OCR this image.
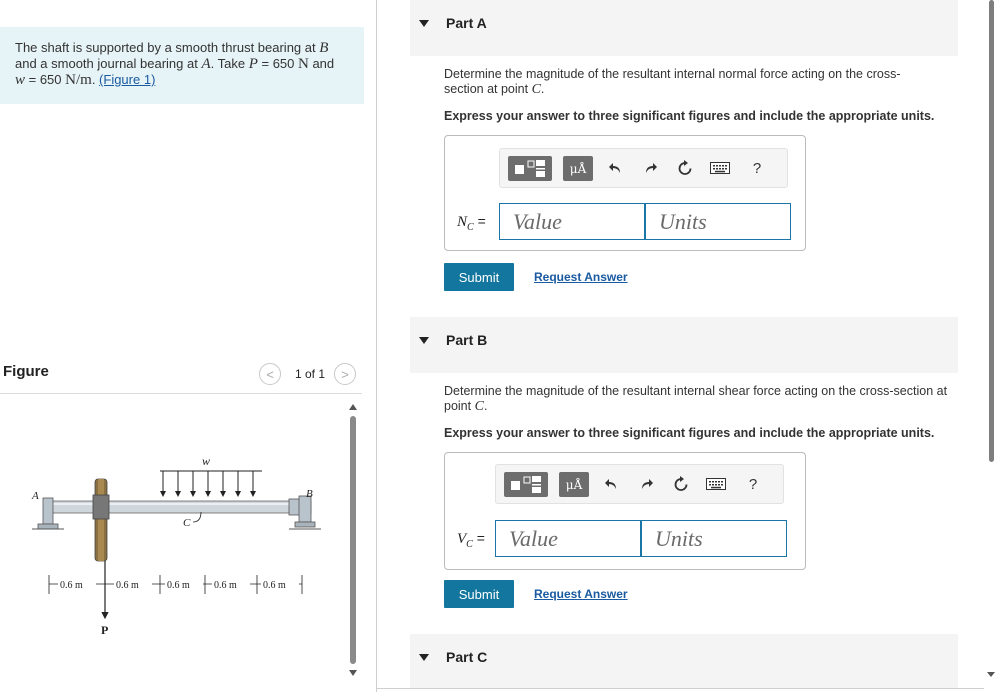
The shaft is supported by a smooth thrust bearing at B
and a smooth journal bearing at A. Take P = 650 N and
w = 650 N/m. (Figure 1)
Figure	< 1 of 1 >
w
A
P
C
B
0.6 m	0.6 m	0.6 m 0.6 m	0.6 m
Part A
Determine the magnitude of the resultant internal normal force acting on the cross-section at point C.
Express your answer to three significant figures and include the appropriate units.
μÅ	?
$N_C$ =	Value	Units
Submit	Request Answer
Part B
Determine the magnitude of the resultant internal shear force acting on the cross-section at point C.
Express your answer to three significant figures and include the appropriate units.
μÅ	?
$V_C$ =	Value	Units
Submit	Request Answer
Part C
